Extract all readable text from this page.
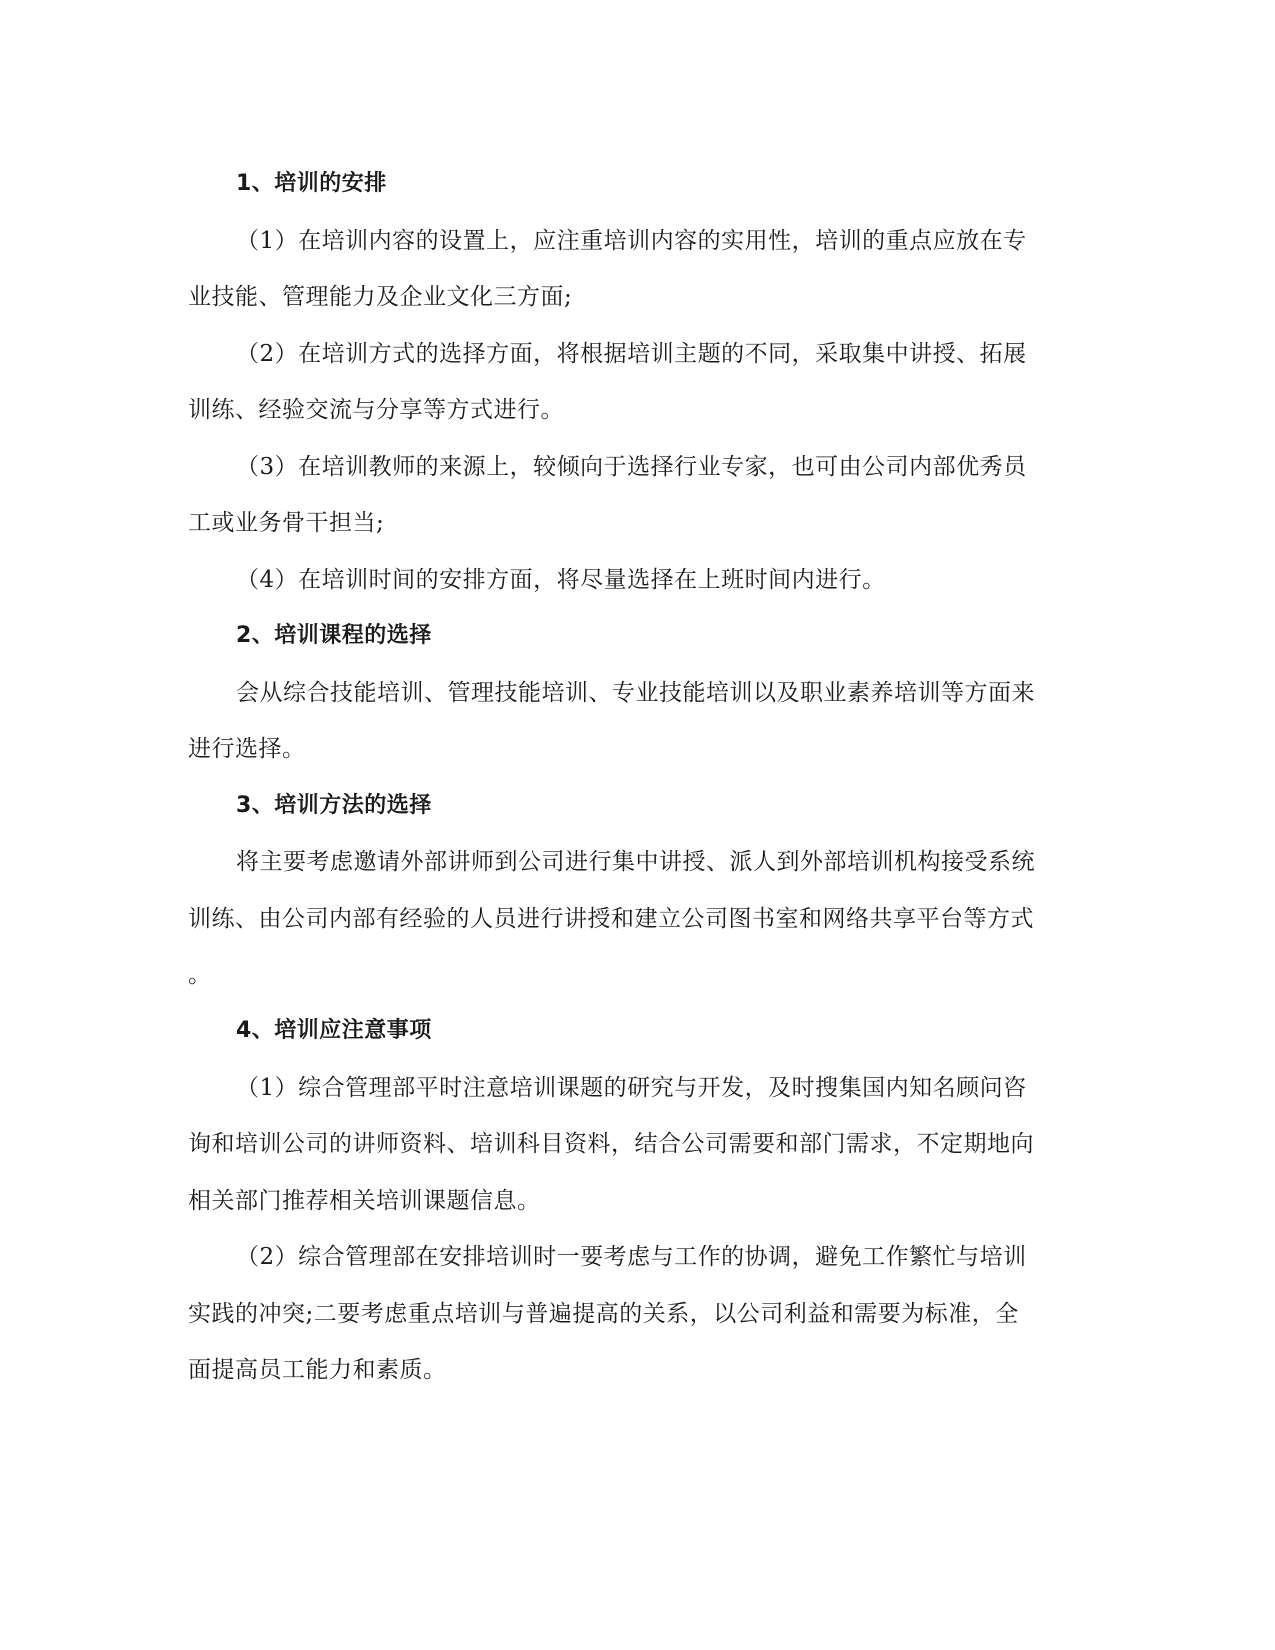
1、培训的安排
（1）在培训内容的设置上，应注重培训内容的实用性，培训的重点应放在专
业技能、管理能力及企业文化三方面;
（2）在培训方式的选择方面，将根据培训主题的不同，采取集中讲授、拓展
训练、经验交流与分享等方式进行。
（3）在培训教师的来源上，较倾向于选择行业专家，也可由公司内部优秀员
工或业务骨干担当;
（4）在培训时间的安排方面，将尽量选择在上班时间内进行。
2、培训课程的选择
会从综合技能培训、管理技能培训、专业技能培训以及职业素养培训等方面来
进行选择。
3、培训方法的选择
将主要考虑邀请外部讲师到公司进行集中讲授、派人到外部培训机构接受系统
训练、由公司内部有经验的人员进行讲授和建立公司图书室和网络共享平台等方式
。
4、培训应注意事项
（1）综合管理部平时注意培训课题的研究与开发，及时搜集国内知名顾问咨
询和培训公司的讲师资料、培训科目资料，结合公司需要和部门需求，不定期地向
相关部门推荐相关培训课题信息。
（2）综合管理部在安排培训时一要考虑与工作的协调，避免工作繁忙与培训
实践的冲突;二要考虑重点培训与普遍提高的关系，以公司利益和需要为标准，全
面提高员工能力和素质。
